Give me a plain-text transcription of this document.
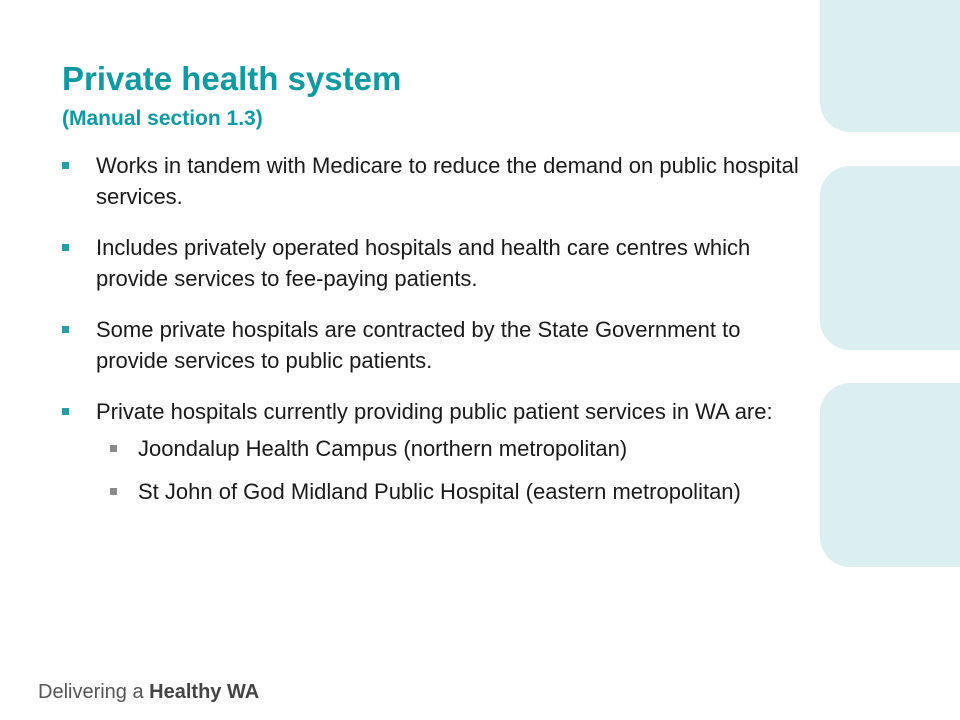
Private health system
(Manual section 1.3)
Works in tandem with Medicare to reduce the demand on public hospital services.
Includes privately operated hospitals and health care centres which provide services to fee-paying patients.
Some private hospitals are contracted by the State Government to provide services to public patients.
Private hospitals currently providing public patient services in WA are:
Joondalup Health Campus (northern metropolitan)
St John of God Midland Public Hospital (eastern metropolitan)
Delivering a Healthy WA
